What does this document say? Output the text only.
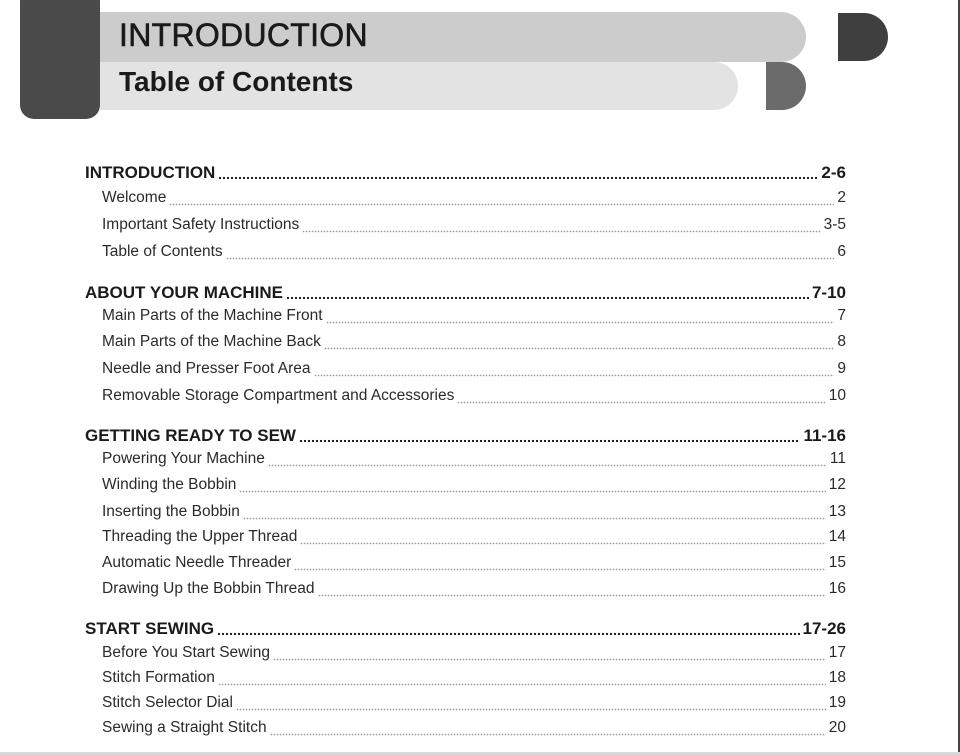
INTRODUCTION
Table of Contents
INTRODUCTION	2-6
Welcome	2
Important Safety Instructions	3-5
Table of Contents	6
ABOUT YOUR MACHINE	7-10
Main Parts of the Machine Front	7
Main Parts of the Machine Back	8
Needle and Presser Foot Area	9
Removable Storage Compartment and Accessories	10
GETTING READY TO SEW	11-16
Powering Your Machine	11
Winding the Bobbin	12
Inserting the Bobbin	13
Threading the Upper Thread	14
Automatic Needle Threader	15
Drawing Up the Bobbin Thread	16
START SEWING	17-26
Before You Start Sewing	17
Stitch Formation	18
Stitch Selector Dial	19
Sewing a Straight Stitch	20
